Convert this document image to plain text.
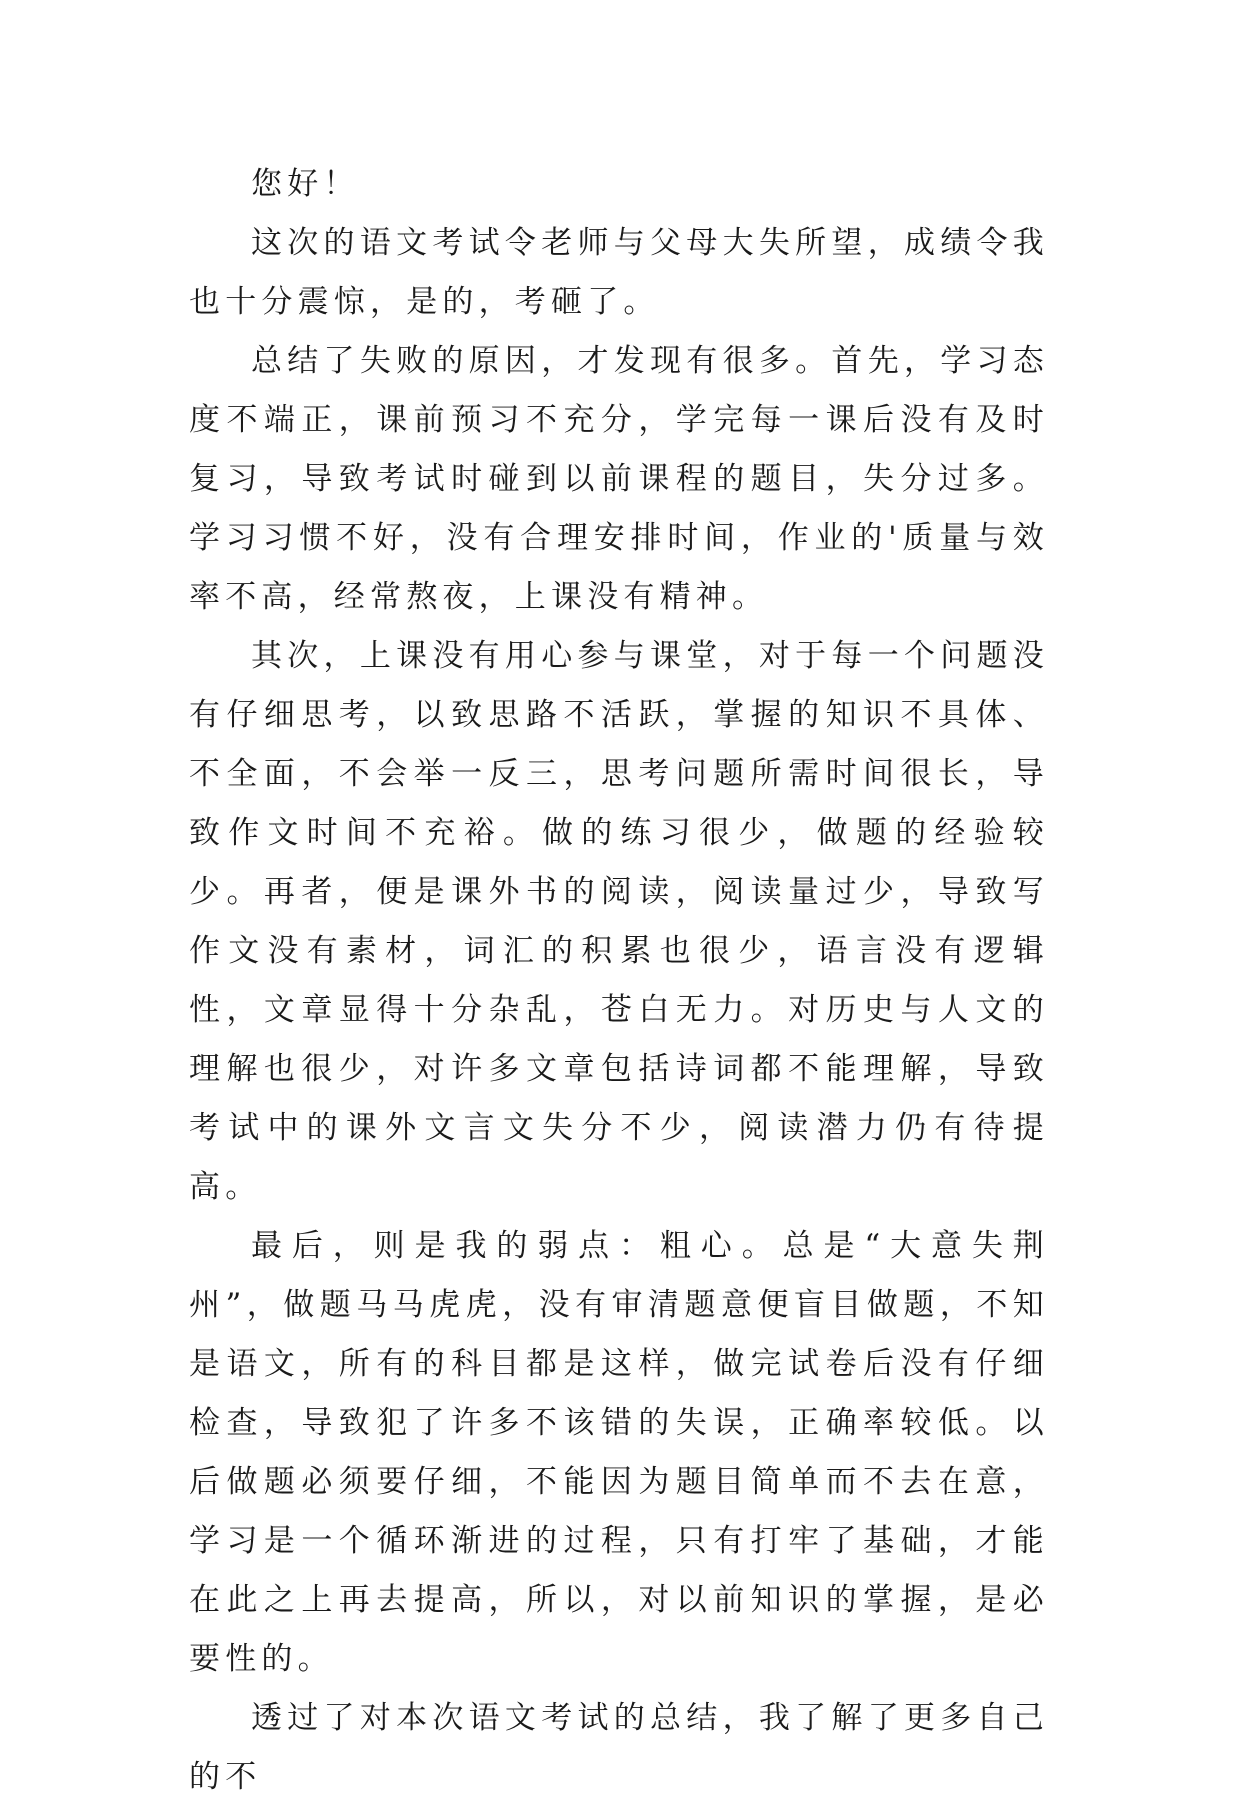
您好！

这次的语文考试令老师与父母大失所望，成绩令我也十分震惊，是的，考砸了。

总结了失败的原因，才发现有很多。首先，学习态度不端正，课前预习不充分，学完每一课后没有及时复习，导致考试时碰到以前课程的题目，失分过多。学习习惯不好，没有合理安排时间，作业的'质量与效率不高，经常熬夜，上课没有精神。

其次，上课没有用心参与课堂，对于每一个问题没有仔细思考，以致思路不活跃，掌握的知识不具体、不全面，不会举一反三，思考问题所需时间很长，导致作文时间不充裕。做的练习很少，做题的经验较少。再者，便是课外书的阅读，阅读量过少，导致写作文没有素材，词汇的积累也很少，语言没有逻辑性，文章显得十分杂乱，苍白无力。对历史与人文的理解也很少，对许多文章包括诗词都不能理解，导致考试中的课外文言文失分不少，阅读潜力仍有待提高。

最后，则是我的弱点：粗心。总是“大意失荆州”，做题马马虎虎，没有审清题意便盲目做题，不知是语文，所有的科目都是这样，做完试卷后没有仔细检查，导致犯了许多不该错的失误，正确率较低。以后做题必须要仔细，不能因为题目简单而不去在意，学习是一个循环渐进的过程，只有打牢了基础，才能在此之上再去提高，所以，对以前知识的掌握，是必要性的。

透过了对本次语文考试的总结，我了解了更多自己的不
